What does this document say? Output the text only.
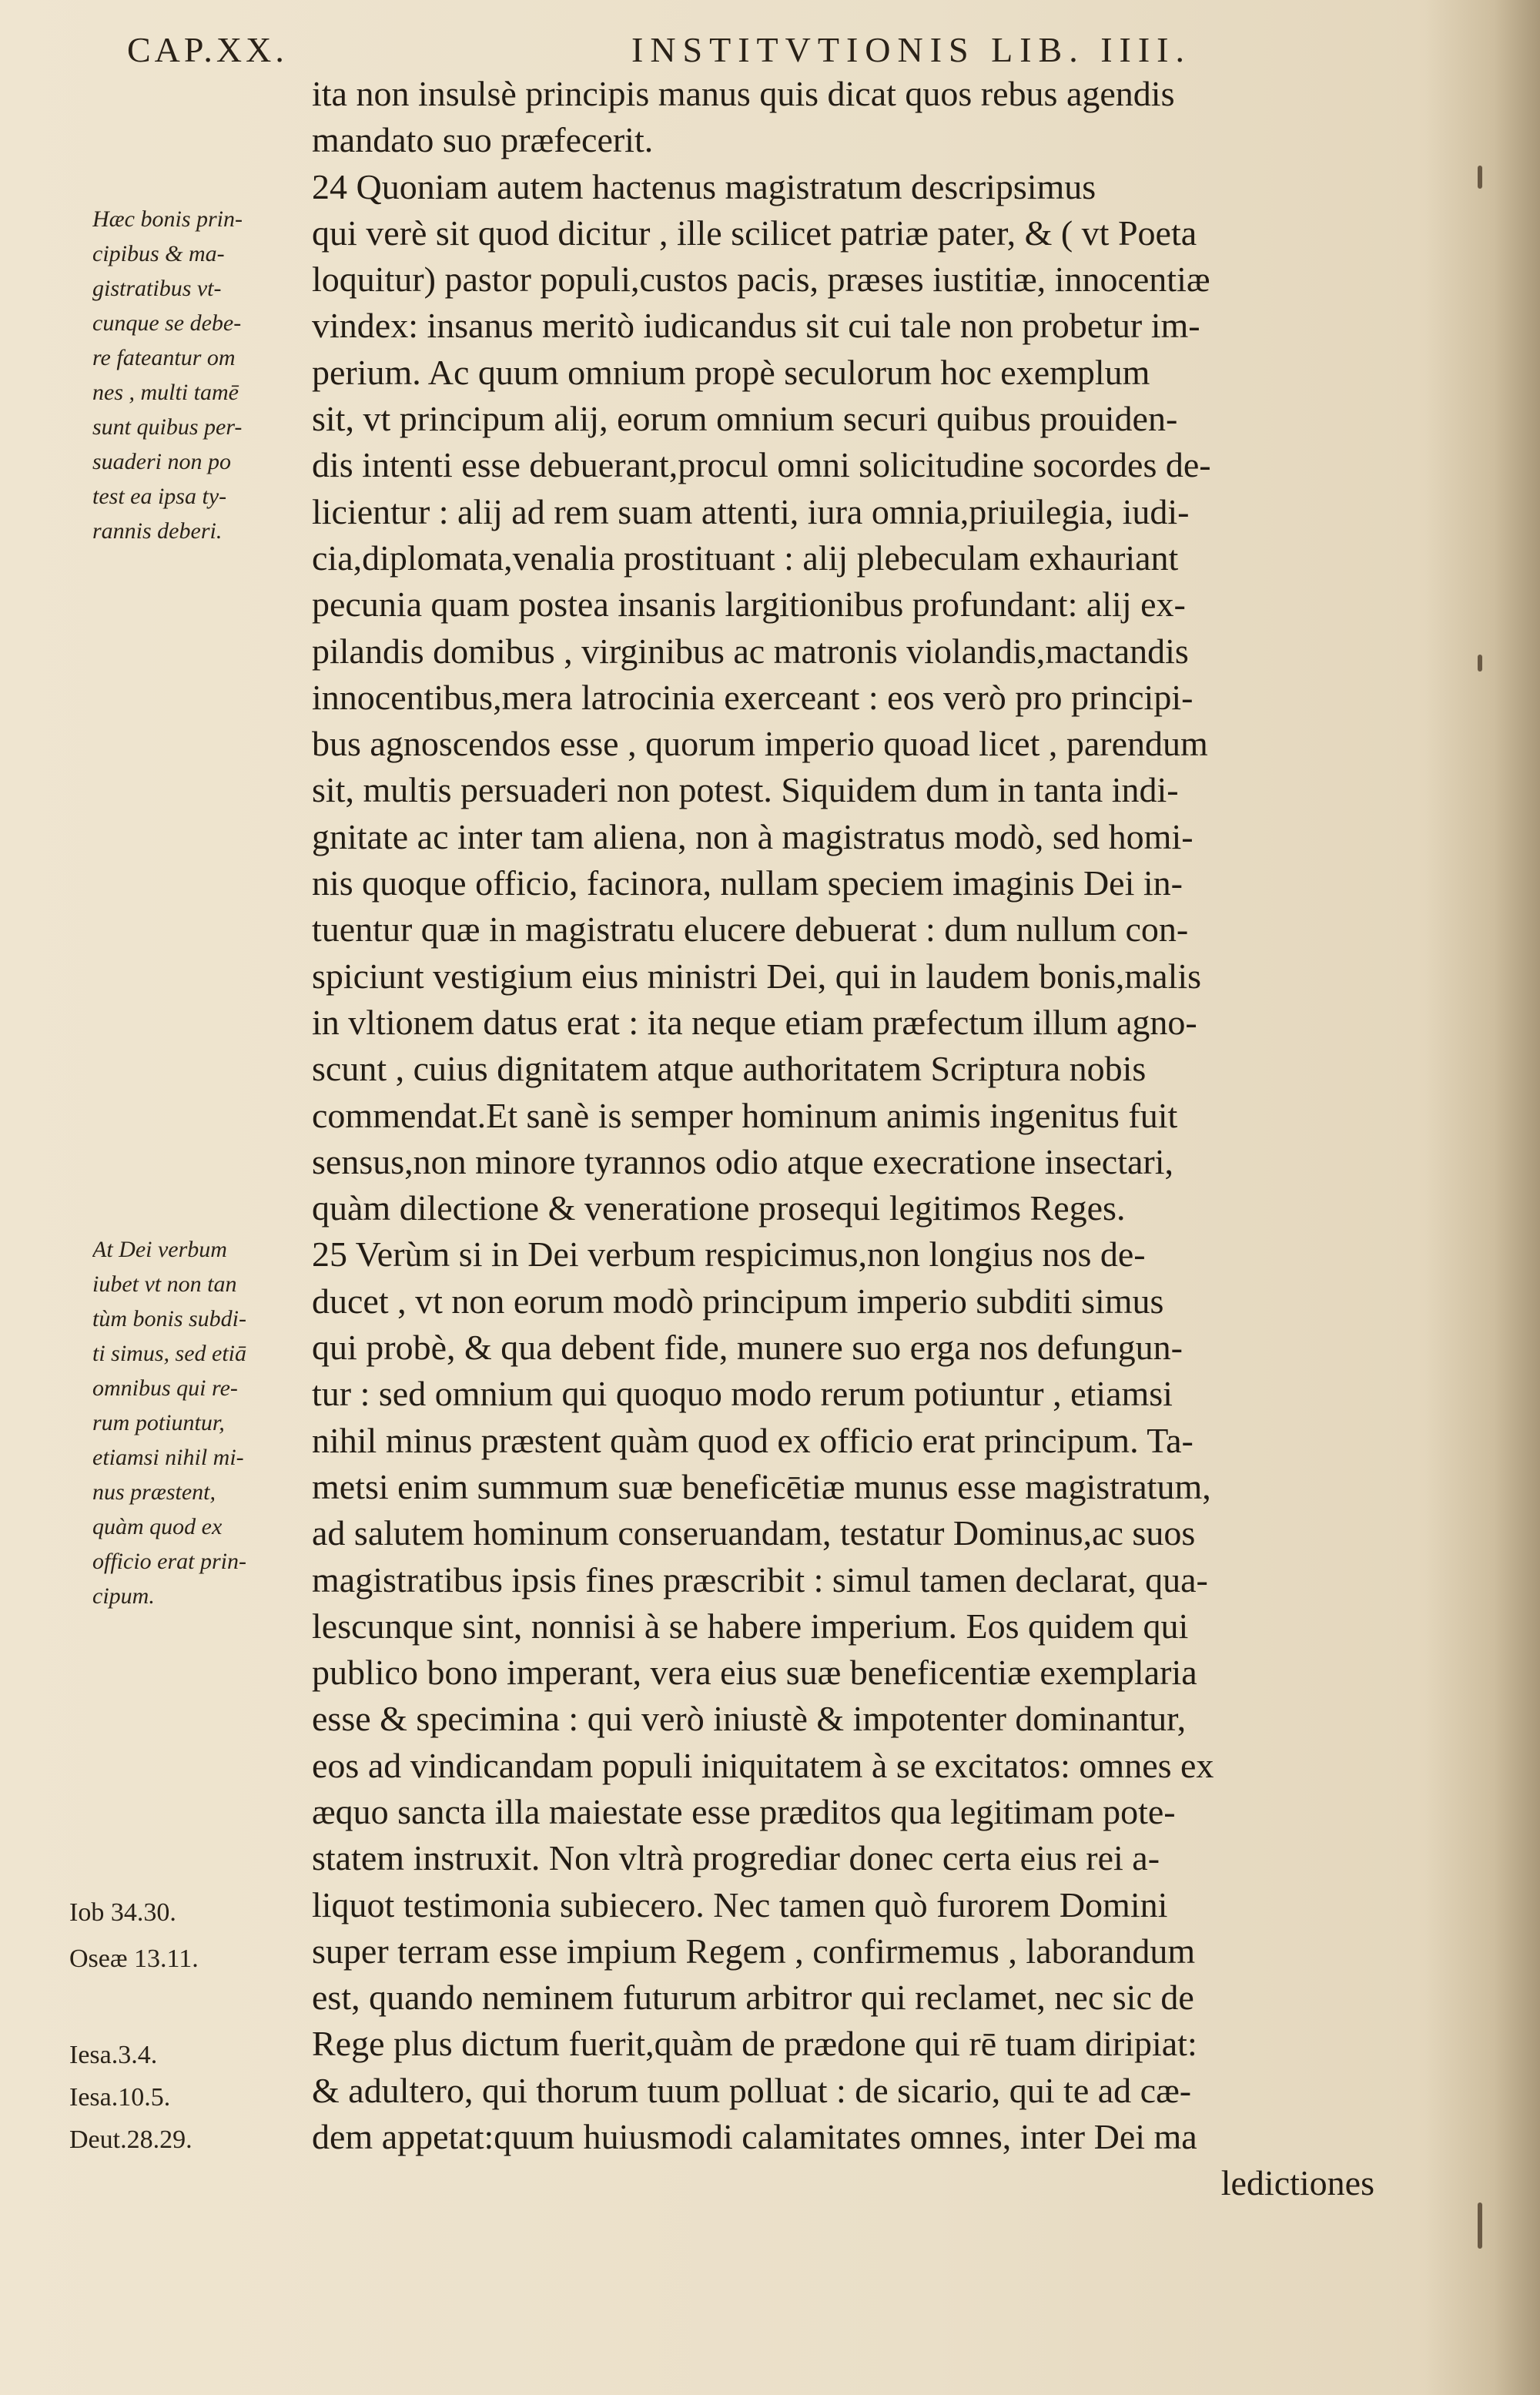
CAP.XX.	INSTITVTIONIS LIB. IIII.
ita non insulsè principis manus quis dicat quos rebus agendis
mandato suo præfecerit.
24 Quoniam autem hactenus magistratum descripsimus
qui verè sit quod dicitur , ille scilicet patriæ pater, & ( vt Poeta
loquitur) pastor populi,custos pacis, præses iustitiæ, innocentiæ
vindex: insanus meritò iudicandus sit cui tale non probetur im-
perium. Ac quum omnium propè seculorum hoc exemplum
sit, vt principum alij, eorum omnium securi quibus prouiden-
dis intenti esse debuerant,procul omni solicitudine socordes de-
licientur : alij ad rem suam attenti, iura omnia,priuilegia, iudi-
cia,diplomata,venalia prostituant : alij plebeculam exhauriant
pecunia quam postea insanis largitionibus profundant: alij ex-
pilandis domibus , virginibus ac matronis violandis,mactandis
innocentibus,mera latrocinia exerceant : eos verò pro principi-
bus agnoscendos esse , quorum imperio quoad licet , parendum
sit, multis persuaderi non potest. Siquidem dum in tanta indi-
gnitate ac inter tam aliena, non à magistratus modò, sed homi-
nis quoque officio, facinora, nullam speciem imaginis Dei in-
tuentur quæ in magistratu elucere debuerat : dum nullum con-
spiciunt vestigium eius ministri Dei, qui in laudem bonis,malis
in vltionem datus erat : ita neque etiam præfectum illum agno-
scunt , cuius dignitatem atque authoritatem Scriptura nobis
commendat.Et sanè is semper hominum animis ingenitus fuit
sensus,non minore tyrannos odio atque execratione insectari,
quàm dilectione & veneratione prosequi legitimos Reges.
25 Verùm si in Dei verbum respicimus,non longius nos de-
ducet , vt non eorum modò principum imperio subditi simus
qui probè, & qua debent fide, munere suo erga nos defungun-
tur : sed omnium qui quoquo modo rerum potiuntur , etiamsi
nihil minus præstent quàm quod ex officio erat principum. Ta-
metsi enim summum suæ beneficētiæ munus esse magistratum,
ad salutem hominum conseruandam, testatur Dominus,ac suos
magistratibus ipsis fines præscribit : simul tamen declarat, qua-
lescunque sint, nonnisi à se habere imperium. Eos quidem qui
publico bono imperant, vera eius suæ beneficentiæ exemplaria
esse & specimina : qui verò iniustè & impotenter dominantur,
eos ad vindicandam populi iniquitatem à se excitatos: omnes ex
æquo sancta illa maiestate esse præditos qua legitimam pote-
statem instruxit. Non vltrà progrediar donec certa eius rei a-
liquot testimonia subiecero. Nec tamen quò furorem Domini
super terram esse impium Regem , confirmemus , laborandum
est, quando neminem futurum arbitror qui reclamet, nec sic de
Rege plus dictum fuerit,quàm de prædone qui rē tuam diripiat:
& adultero, qui thorum tuum polluat : de sicario, qui te ad cæ-
dem appetat:quum huiusmodi calamitates omnes, inter Dei ma
ledictiones
Hæc bonis prin-
cipibus & ma-
gistratibus vt-
cunque se debe-
re fateantur om
nes , multi tamē
sunt quibus per-
suaderi non po
test ea ipsa ty-
rannis deberi.
At Dei verbum
iubet vt non tan
tùm bonis subdi-
ti simus, sed etiā
omnibus qui re-
rum potiuntur,
etiamsi nihil mi-
nus præstent,
quàm quod ex
officio erat prin-
cipum.
Iob 34.30.
Oseæ 13.11.
Iesa.3.4.
Iesa.10.5.
Deut.28.29.
